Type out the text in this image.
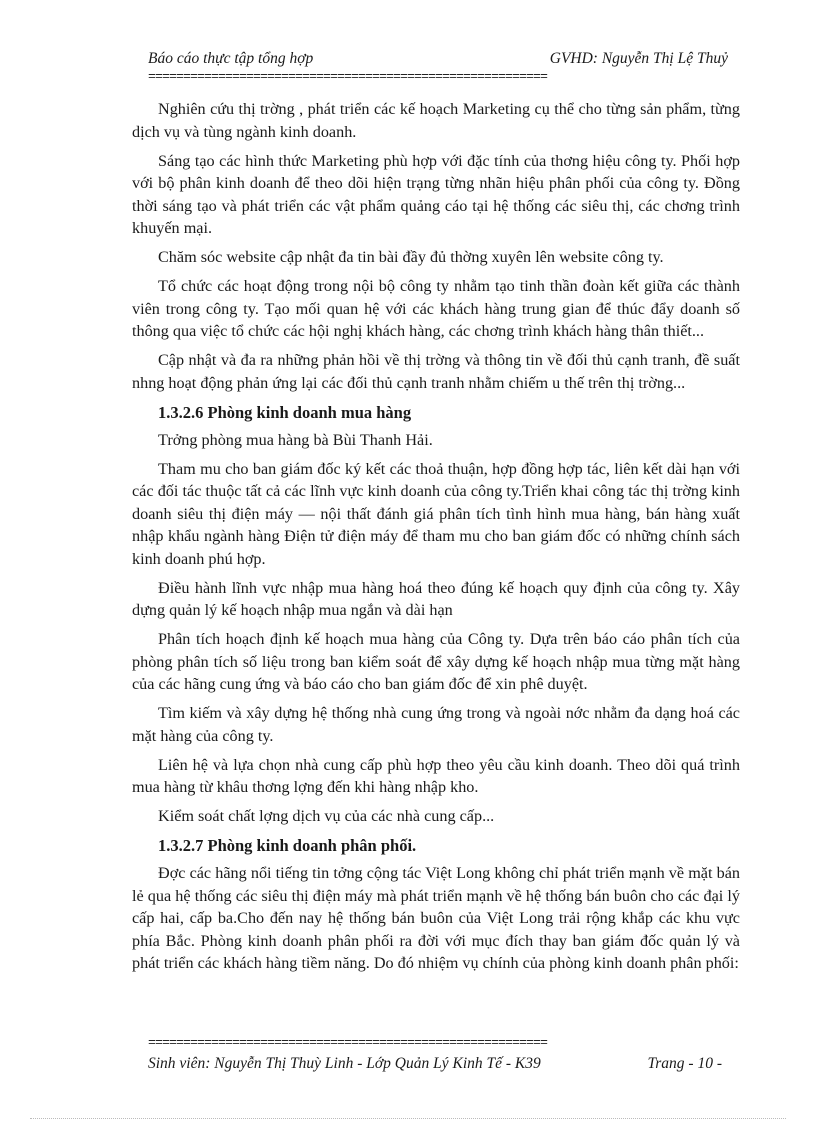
Báo cáo thực tập tổng hợp	GVHD: Nguyễn Thị Lệ Thuỷ
=========================================================

Nghiên cứu thị trờng , phát triển các kế hoạch Marketing cụ thể cho từng sản phẩm, từng dịch vụ và tùng ngành kinh doanh.

Sáng tạo các hình thức Marketing phù hợp với đặc tính của thơng hiệu công ty. Phối hợp với bộ phân kinh doanh để theo dõi hiện trạng từng nhãn hiệu phân phối của công ty. Đồng thời sáng tạo và phát triển các vật phẩm quảng cáo tại hệ thống các siêu thị, các chơng trình khuyến mại.

Chăm sóc website cập nhật đa tin bài đầy đủ thờng xuyên lên website công ty.

Tổ chức các hoạt động trong nội bộ công ty nhằm tạo tinh thần đoàn kết giữa các thành viên trong công ty. Tạo mối quan hệ với các khách hàng trung gian để thúc đẩy doanh số thông qua việc tổ chức các hội nghị khách hàng, các chơng trình khách hàng thân thiết...

Cập nhật và đa ra những phản hồi về thị trờng và thông tin về đối thủ cạnh tranh, đề suất nhng hoạt động phản ứng lại các đối thủ cạnh tranh nhằm chiếm u thế trên thị trờng...

1.3.2.6 Phòng kinh doanh mua hàng

Trởng phòng mua hàng bà Bùi Thanh Hải.

Tham mu cho ban giám đốc ký kết các thoả thuận, hợp đồng hợp tác, liên kết dài hạn với các đối tác thuộc tất cả các lĩnh vực kinh doanh của công ty.Triển khai công tác thị trờng kinh doanh siêu thị điện máy — nội thất đánh giá phân tích tình hình mua hàng, bán hàng xuất nhập khẩu ngành hàng Điện tử điện máy để tham mu cho ban giám đốc có những chính sách kinh doanh phú hợp.

Điều hành lĩnh vực nhập mua hàng hoá theo đúng kế hoạch quy định của công ty. Xây dựng quản lý kế hoạch nhập mua ngắn và dài hạn

Phân tích hoạch định kế hoạch mua hàng của Công ty. Dựa trên báo cáo phân tích của phòng phân tích số liệu trong ban kiểm soát để xây dựng kế hoạch nhập mua từng mặt hàng của các hãng cung ứng và báo cáo cho ban giám đốc để xin phê duyệt.

Tìm kiếm và xây dựng hệ thống nhà cung ứng trong và ngoài nớc nhằm đa dạng hoá các mặt hàng của công ty.

Liên hệ và lựa chọn nhà cung cấp phù hợp theo yêu cầu kinh doanh. Theo dõi quá trình mua hàng từ khâu thơng lợng đến khi hàng nhập kho.

Kiểm soát chất lợng dịch vụ của các nhà cung cấp...

1.3.2.7 Phòng kinh doanh phân phối.

Đợc các hãng nổi tiếng tin tởng cộng tác Việt Long không chỉ phát triển mạnh về mặt bán lẻ qua hệ thống các siêu thị điện máy mà phát triển mạnh về hệ thống bán buôn cho các đại lý cấp hai, cấp ba.Cho đến nay hệ thống bán buôn của Việt Long trải rộng khắp các khu vực phía Bắc. Phòng kinh doanh phân phối ra đời với mục đích thay ban giám đốc quản lý và phát triển các khách hàng tiềm năng. Do đó nhiệm vụ chính của phòng kinh doanh phân phối:

=========================================================
Sinh viên: Nguyễn Thị Thuỳ Linh - Lớp Quản Lý Kinh Tế - K39	Trang - 10 -
